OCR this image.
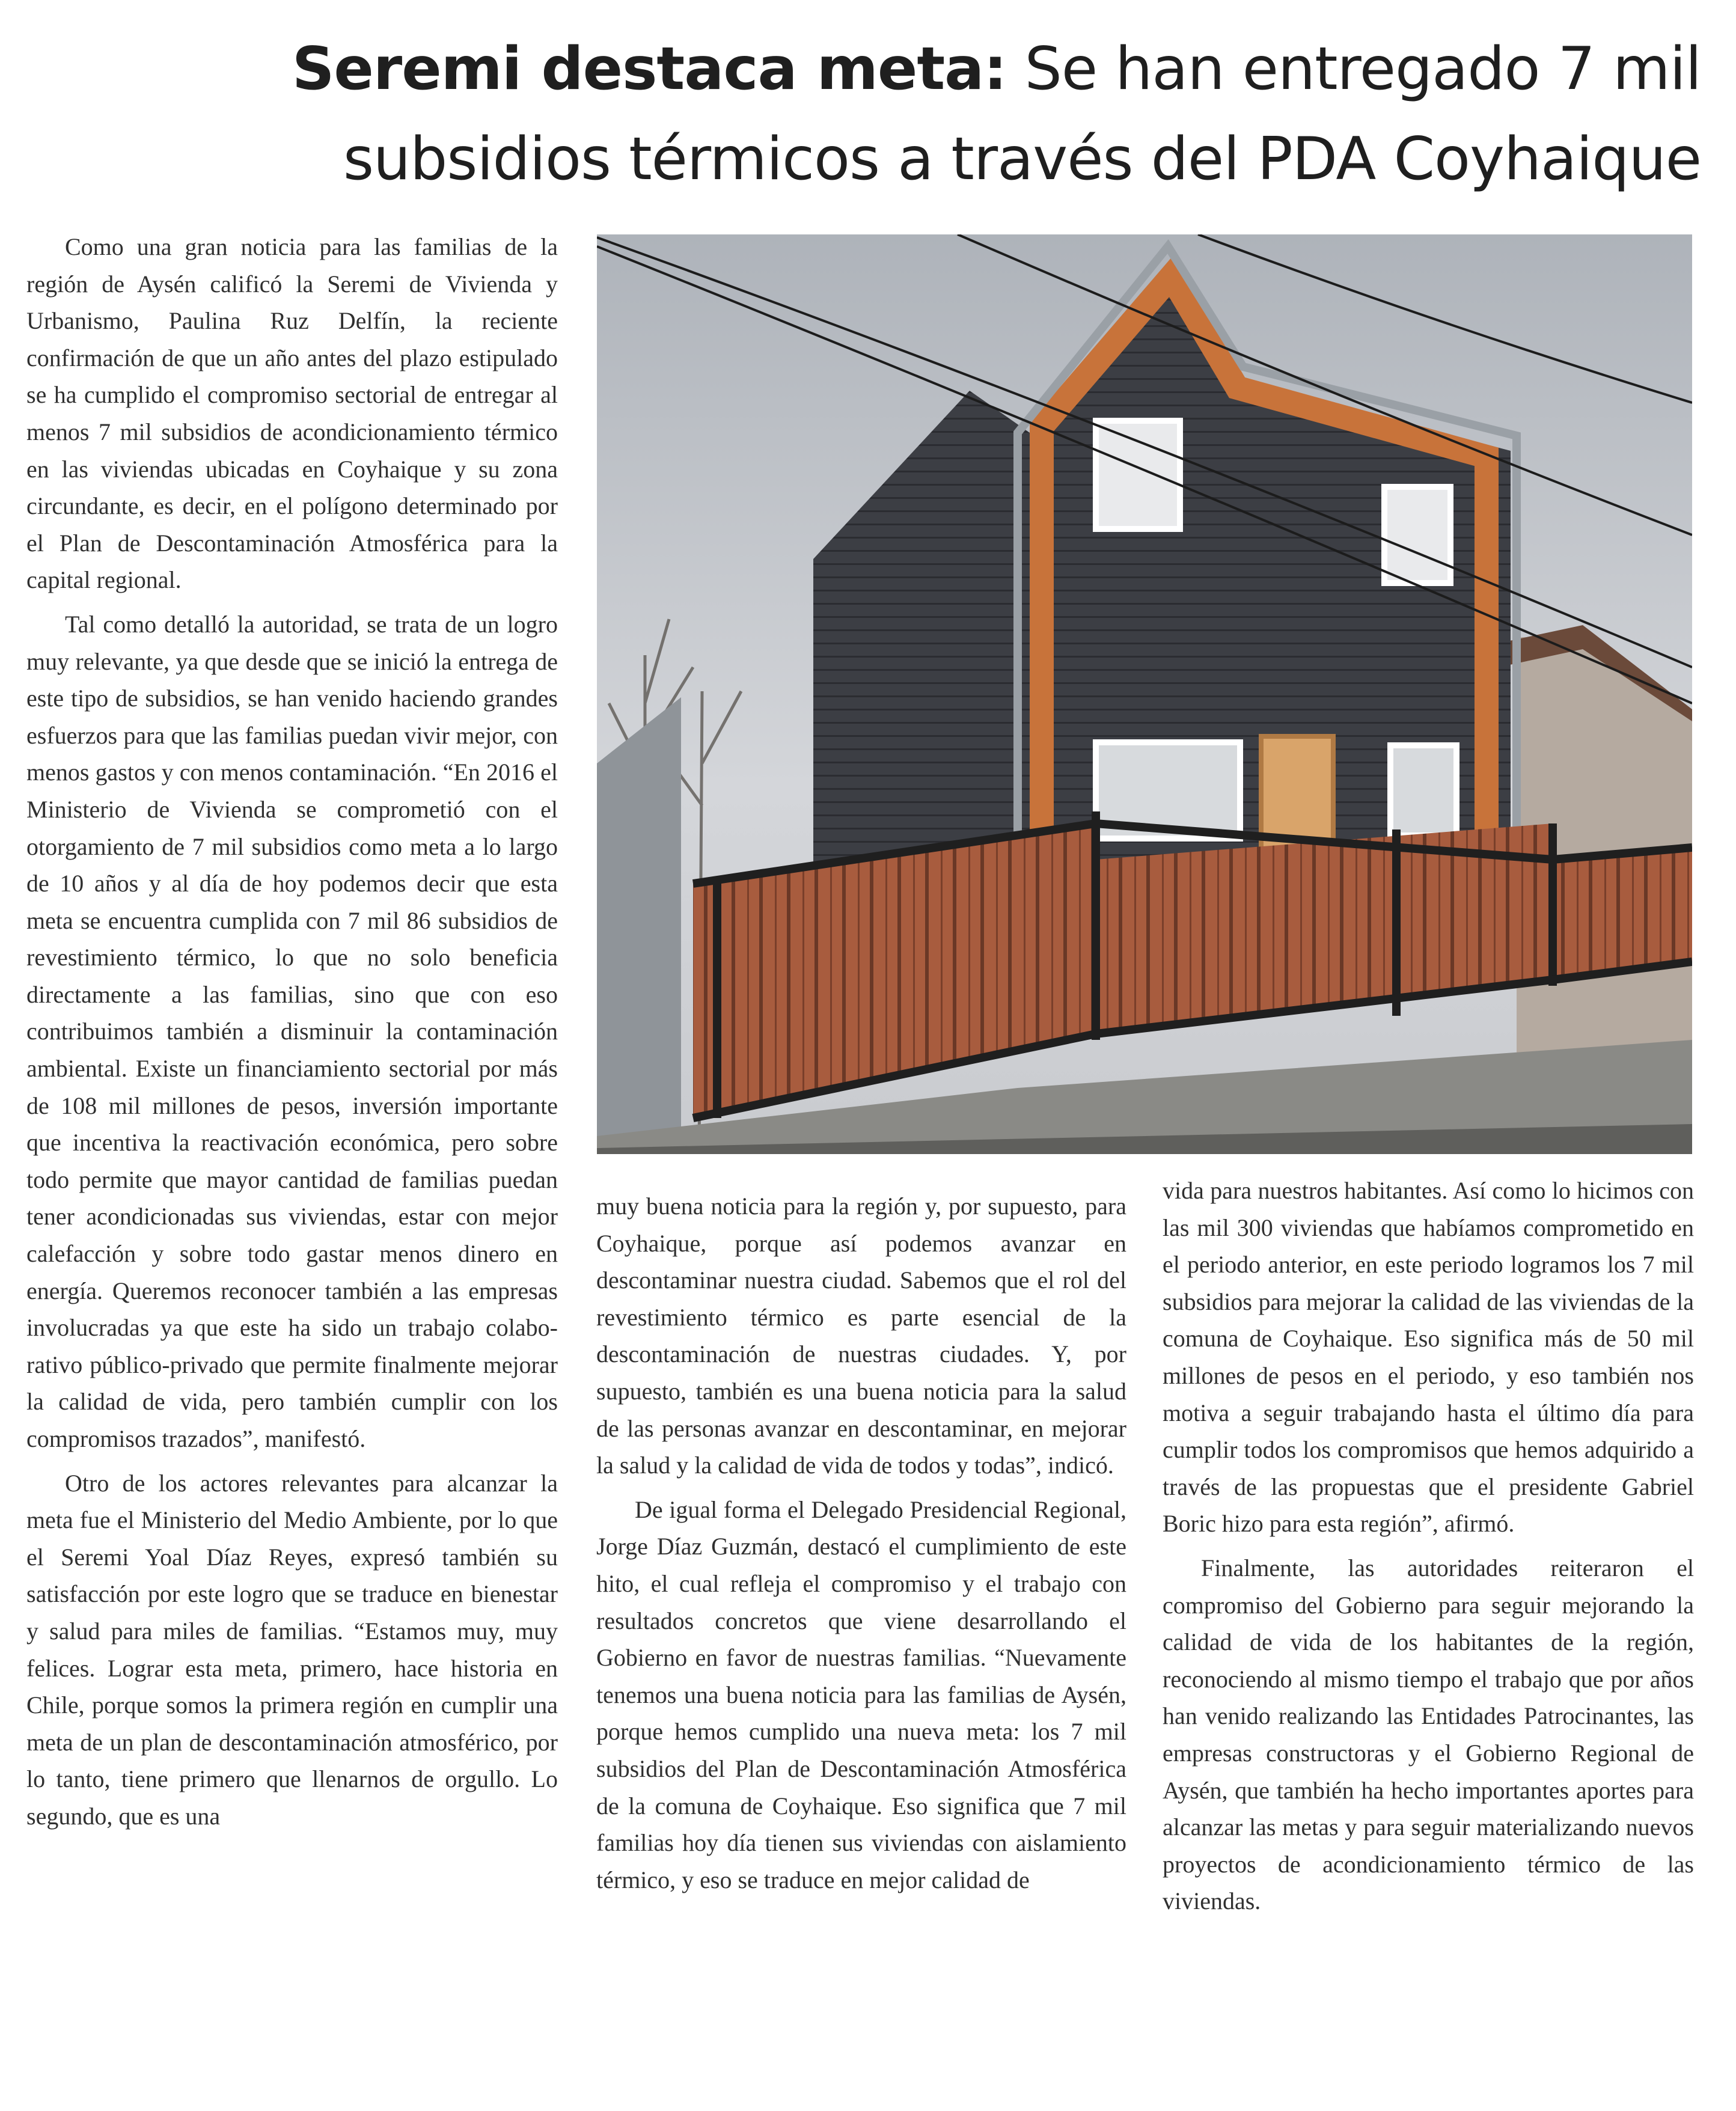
Seremi destaca meta: Se han entregado 7 mil subsidios térmicos a través del PDA Coyhaique

Como una gran noticia para las familias de la región de Aysén calificó la Seremi de Vivienda y Urbanismo, Paulina Ruz Delfín, la reciente confirmación de que un año antes del plazo estipulado se ha cumplido el compromiso sectorial de entregar al menos 7 mil subsidios de acondicionamiento térmico en las viviendas ubicadas en Coyhaique y su zona circundante, es decir, en el polígono determinado por el Plan de Descontaminación Atmosférica para la capital regional.

Tal como detalló la autoridad, se trata de un logro muy relevante, ya que desde que se inició la entrega de este tipo de subsidios, se han venido haciendo grandes esfuerzos para que las familias puedan vivir mejor, con menos gastos y con menos contaminación. “En 2016 el Ministerio de Vivienda se comprometió con el otorgamiento de 7 mil subsidios como meta a lo largo de 10 años y al día de hoy podemos decir que esta meta se encuentra cumplida con 7 mil 86 subsidios de revestimiento térmico, lo que no solo beneficia directamente a las familias, sino que con eso contribuimos también a disminuir la contaminación ambiental. Existe un financiamiento sectorial por más de 108 mil millones de pesos, inversión importante que incentiva la reactivación económica, pero sobre todo permite que mayor cantidad de familias puedan tener acondicionadas sus viviendas, estar con mejor calefacción y sobre todo gastar menos dinero en energía. Queremos reconocer también a las empresas involucradas ya que este ha sido un trabajo colaborativo público-privado que permite finalmente mejorar la calidad de vida, pero también cumplir con los compromisos trazados”, manifestó.

Otro de los actores relevantes para alcanzar la meta fue el Ministerio del Medio Ambiente, por lo que el Seremi Yoal Díaz Reyes, expresó también su satisfacción por este logro que se traduce en bienestar y salud para miles de familias. “Estamos muy, muy felices. Lograr esta meta, primero, hace historia en Chile, porque somos la primera región en cumplir una meta de un plan de descontaminación atmosférico, por lo tanto, tiene primero que llenarnos de orgullo. Lo segundo, que es una

muy buena noticia para la región y, por supuesto, para Coyhaique, porque así podemos avanzar en descontaminar nuestra ciudad. Sabemos que el rol del revestimiento térmico es parte esencial de la descontaminación de nuestras ciudades. Y, por supuesto, también es una buena noticia para la salud de las personas avanzar en descontaminar, en mejorar la salud y la calidad de vida de todos y todas”, indicó.

De igual forma el Delegado Presidencial Regional, Jorge Díaz Guzmán, destacó el cumplimiento de este hito, el cual refleja el compromiso y el trabajo con resultados concretos que viene desarrollando el Gobierno en favor de nuestras familias. “Nuevamente tenemos una buena noticia para las familias de Aysén, porque hemos cumplido una nueva meta: los 7 mil subsidios del Plan de Descontaminación Atmosférica de la comuna de Coyhaique. Eso significa que 7 mil familias hoy día tienen sus viviendas con aislamiento térmico, y eso se traduce en mejor calidad de

vida para nuestros habitantes. Así como lo hicimos con las mil 300 viviendas que habíamos comprometido en el periodo anterior, en este periodo logramos los 7 mil subsidios para mejorar la calidad de las viviendas de la comuna de Coyhaique. Eso significa más de 50 mil millones de pesos en el periodo, y eso también nos motiva a seguir trabajando hasta el último día para cumplir todos los compromisos que hemos adquirido a través de las propuestas que el presidente Gabriel Boric hizo para esta región”, afirmó.

Finalmente, las autoridades reiteraron el compromiso del Gobierno para seguir mejorando la calidad de vida de los habitantes de la región, reconociendo al mismo tiempo el trabajo que por años han venido realizando las Entidades Patrocinantes, las empresas constructoras y el Gobierno Regional de Aysén, que también ha hecho importantes aportes para alcanzar las metas y para seguir materializando nuevos proyectos de acondicionamiento térmico de las viviendas.
